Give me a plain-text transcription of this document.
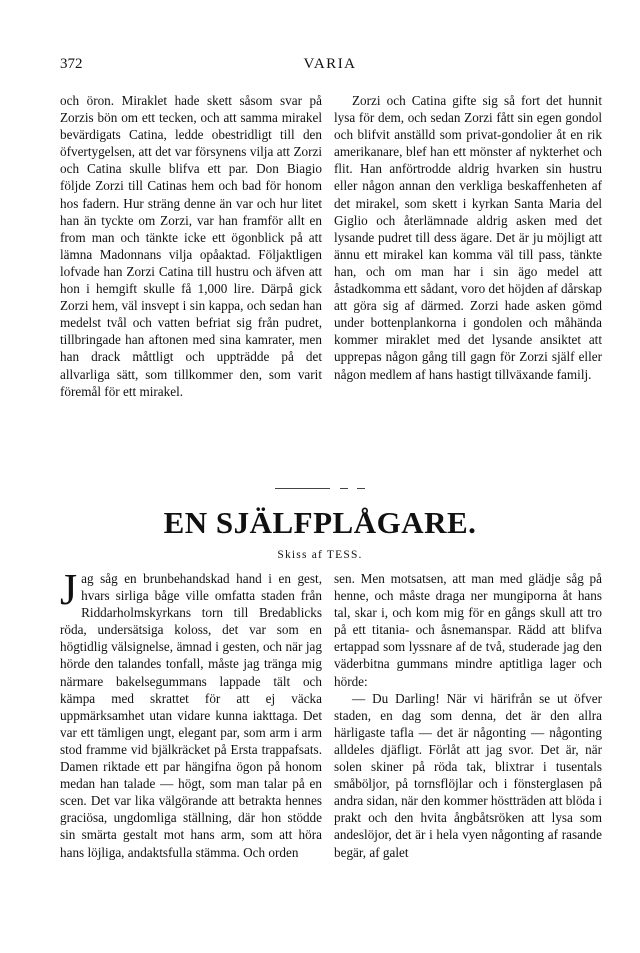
372	VARIA

och öron. Miraklet hade skett såsom svar på Zorzis bön om ett tecken, och att samma mirakel bevärdigats Catina, ledde obestridligt till den öfvertygelsen, att det var försynens vilja att Zorzi och Catina skulle blifva ett par. Don Biagio följde Zorzi till Catinas hem och bad för honom hos fadern. Hur sträng denne än var och hur litet han än tyckte om Zorzi, var han framför allt en from man och tänkte icke ett ögonblick på att lämna Madonnans vilja opåaktad. Följaktligen lofvade han Zorzi Catina till hustru och äfven att hon i hemgift skulle få 1,000 lire. Därpå gick Zorzi hem, väl insvept i sin kappa, och sedan han medelst tvål och vatten befriat sig från pudret, tillbringade han aftonen med sina kamrater, men han drack måttligt och uppträdde på det allvarliga sätt, som tillkommer den, som varit föremål för ett mirakel.

Zorzi och Catina gifte sig så fort det hunnit lysa för dem, och sedan Zorzi fått sin egen gondol och blifvit anställd som privat-gondolier åt en rik amerikanare, blef han ett mönster af nykterhet och flit. Han anförtrodde aldrig hvarken sin hustru eller någon annan den verkliga beskaffenheten af det mirakel, som skett i kyrkan Santa Maria del Giglio och återlämnade aldrig asken med det lysande pudret till dess ägare. Det är ju möjligt att ännu ett mirakel kan komma väl till pass, tänkte han, och om man har i sin ägo medel att åstadkomma ett sådant, voro det höjden af dårskap att göra sig af därmed. Zorzi hade asken gömd under bottenplankorna i gondolen och måhända kommer miraklet med det lysande ansiktet att upprepas någon gång till gagn för Zorzi själf eller någon medlem af hans hastigt tillväxande familj.

EN SJÄLFPLÅGARE.
Skiss af TESS.

Jag såg en brunbehandskad hand i en gest, hvars sirliga båge ville omfatta staden från Riddarholmskyrkans torn till Bredablicks röda, undersätsiga koloss, det var som en högtidlig välsignelse, ämnad i gesten, och när jag hörde den talandes tonfall, måste jag tränga mig närmare bakelsegummans lappade tält och kämpa med skrattet för att ej väcka uppmärksamhet utan vidare kunna iakttaga. Det var ett tämligen ungt, elegant par, som arm i arm stod framme vid bjälkräcket på Ersta trappafsats. Damen riktade ett par hängifna ögon på honom medan han talade — högt, som man talar på en scen. Det var lika välgörande att betrakta hennes graciösa, ungdomliga ställning, där hon stödde sin smärta gestalt mot hans arm, som att höra hans löjliga, andaktsfulla stämma. Och orden

sen. Men motsatsen, att man med glädje såg på henne, och måste draga ner mungiporna åt hans tal, skar i, och kom mig för en gångs skull att tro på ett titania- och åsnemanspar. Rädd att blifva ertappad som lyssnare af de två, studerade jag den väderbitna gummans mindre aptitliga lager och hörde:

— Du Darling! När vi härifrån se ut öfver staden, en dag som denna, det är den allra härligaste tafla — det är någonting — någonting alldeles djäfligt. Förlåt att jag svor. Det är, när solen skiner på röda tak, blixtrar i tusentals småböljor, på tornsflöjlar och i fönsterglasen på andra sidan, när den kommer höstträden att blöda i prakt och den hvita ångbåtsröken att lysa som andeslöjor, det är i hela vyen någonting af rasande begär, af galet
